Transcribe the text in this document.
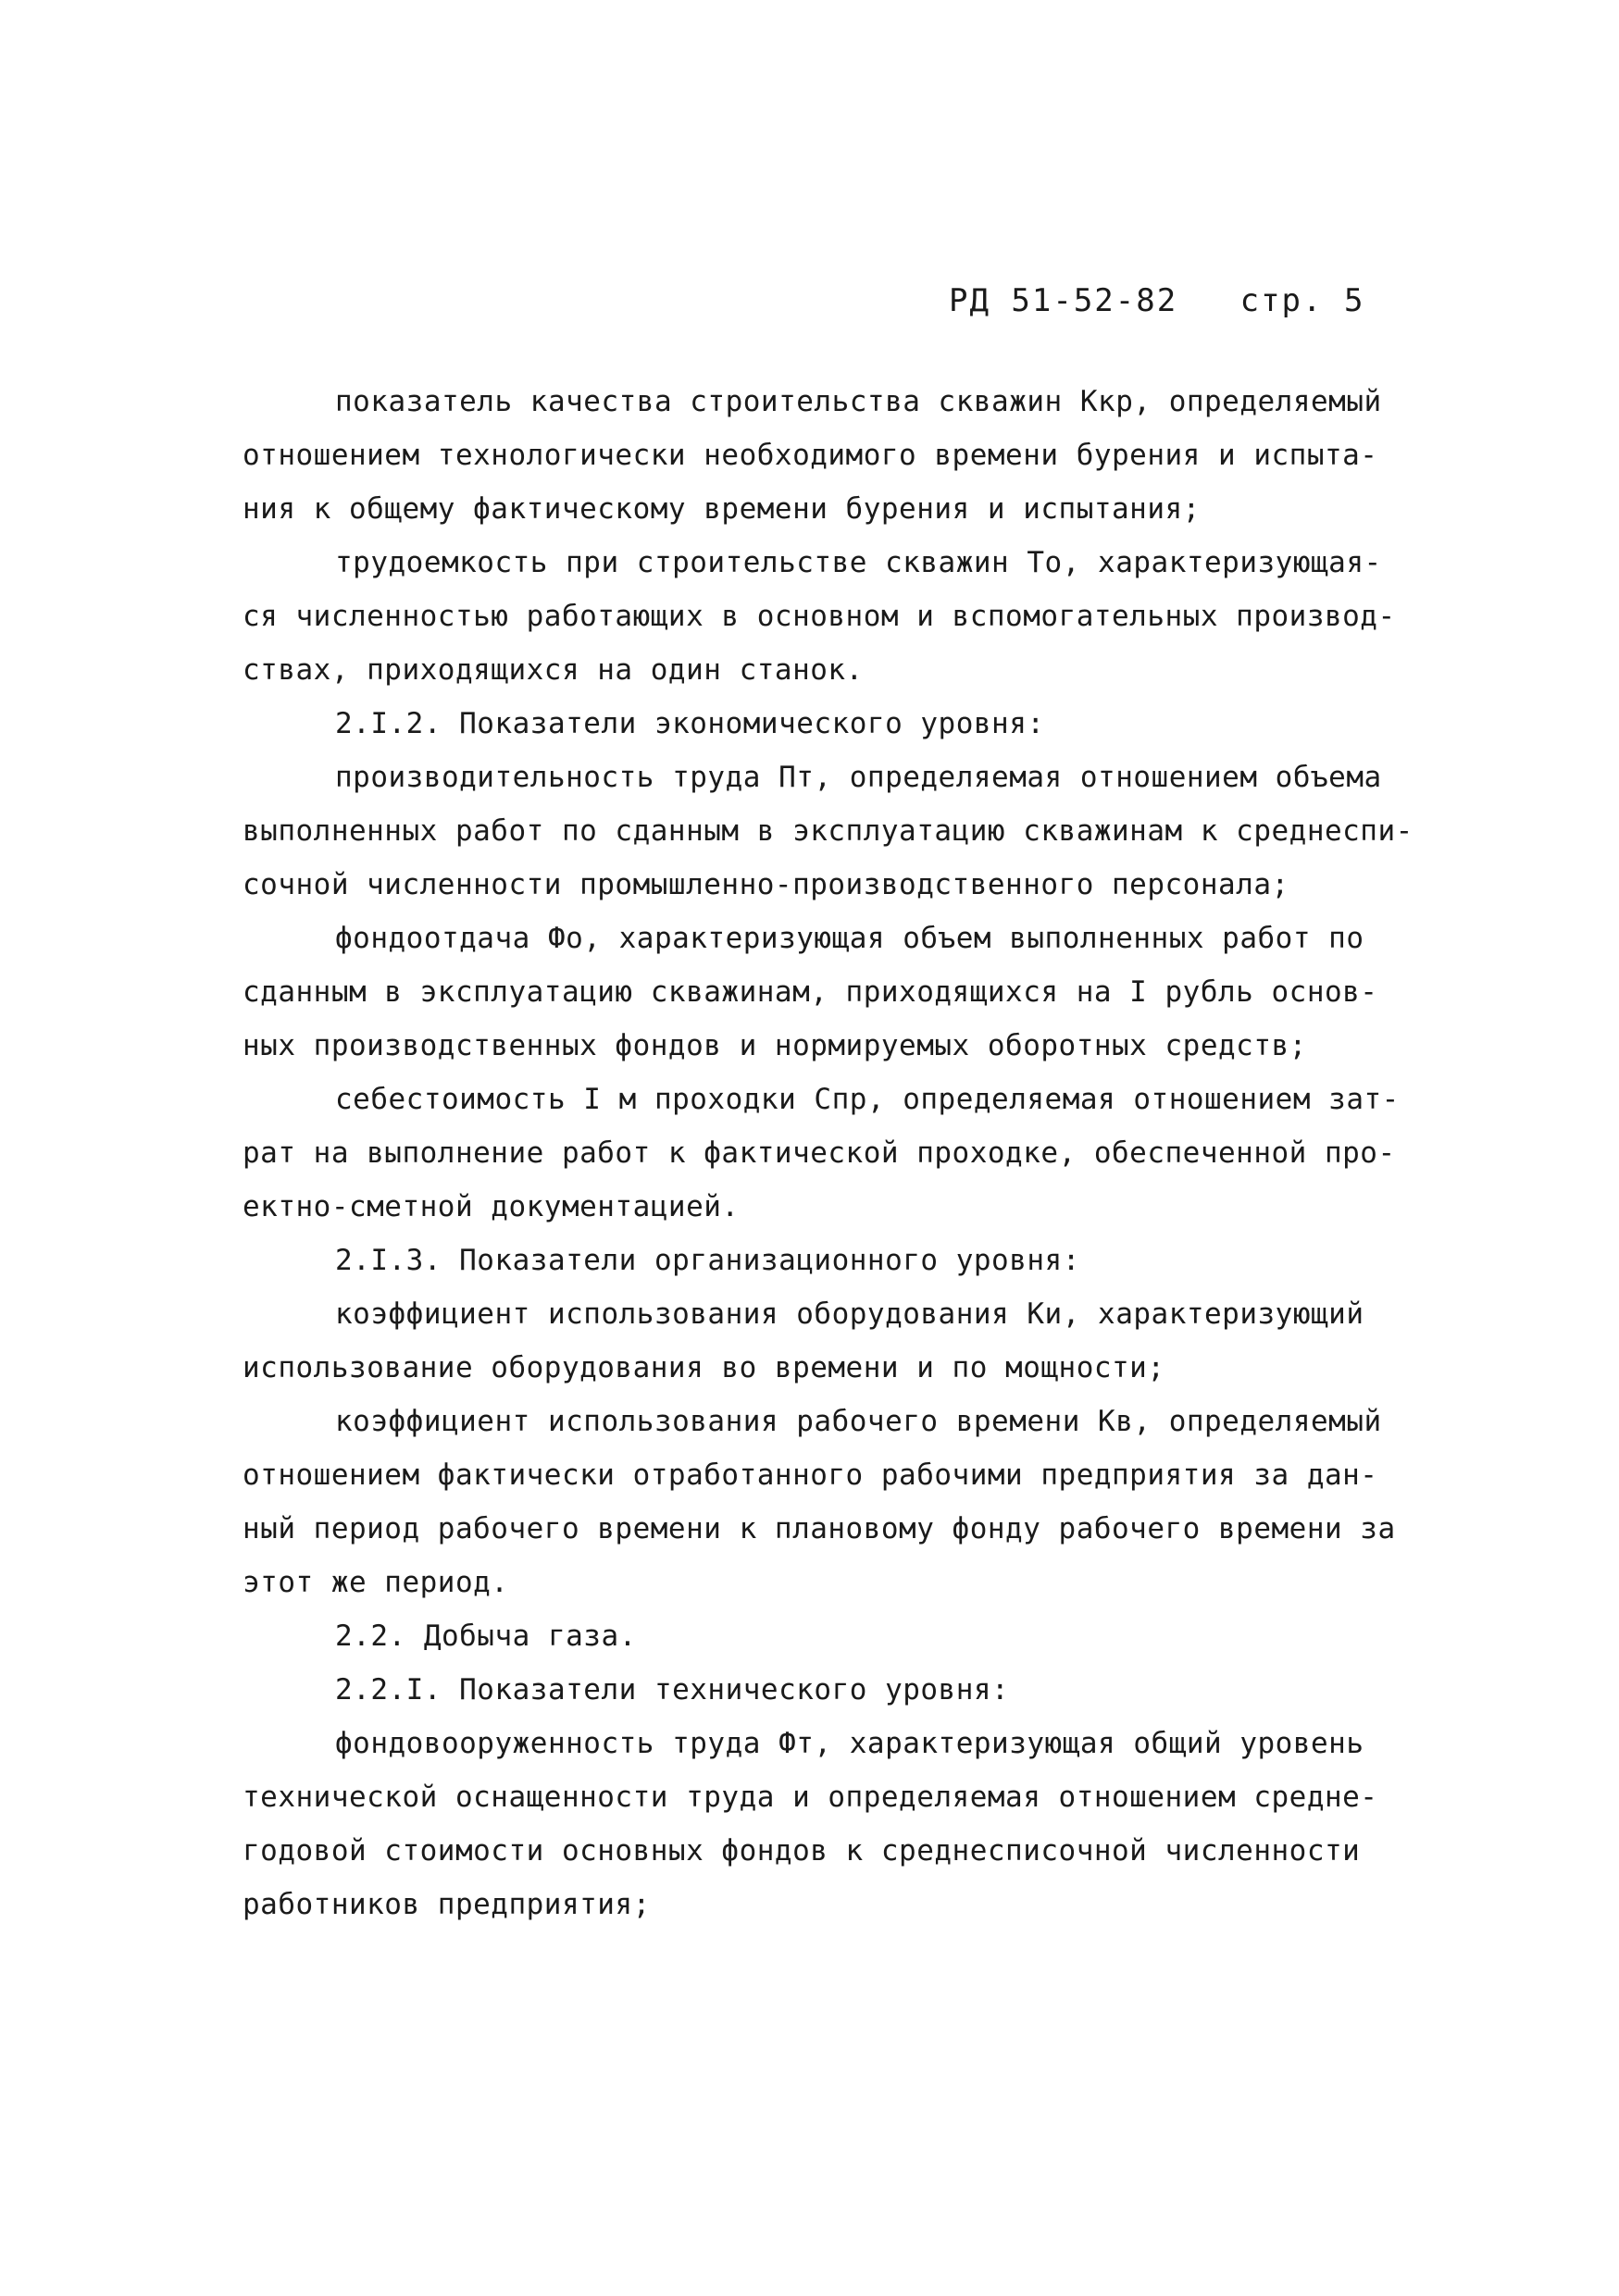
РД 51-52-82 стр. 5
показатель качества строительства скважин Ккр, определяемый
отношением технологически необходимого времени бурения и испыта-
ния к общему фактическому времени бурения и испытания;
трудоемкость при строительстве скважин То, характеризующая-
ся численностью работающих в основном и вспомогательных производ-
ствах, приходящихся на один станок.
2.I.2. Показатели экономического уровня:
производительность труда Пт, определяемая отношением объема
выполненных работ по сданным в эксплуатацию скважинам к среднеспи-
сочной численности промышленно-производственного персонала;
фондоотдача Фо, характеризующая объем выполненных работ по
сданным в эксплуатацию скважинам, приходящихся на I рубль основ-
ных производственных фондов и нормируемых оборотных средств;
себестоимость I м проходки Спр, определяемая отношением зат-
рат на выполнение работ к фактической проходке, обеспеченной про-
ектно-сметной документацией.
2.I.3. Показатели организационного уровня:
коэффициент использования оборудования Ки, характеризующий
использование оборудования во времени и по мощности;
коэффициент использования рабочего времени Кв, определяемый
отношением фактически отработанного рабочими предприятия за дан-
ный период рабочего времени к плановому фонду рабочего времени за
этот же период.
2.2. Добыча газа.
2.2.I. Показатели технического уровня:
фондовооруженность труда Фт, характеризующая общий уровень
технической оснащенности труда и определяемая отношением средне-
годовой стоимости основных фондов к среднесписочной численности
работников предприятия;
